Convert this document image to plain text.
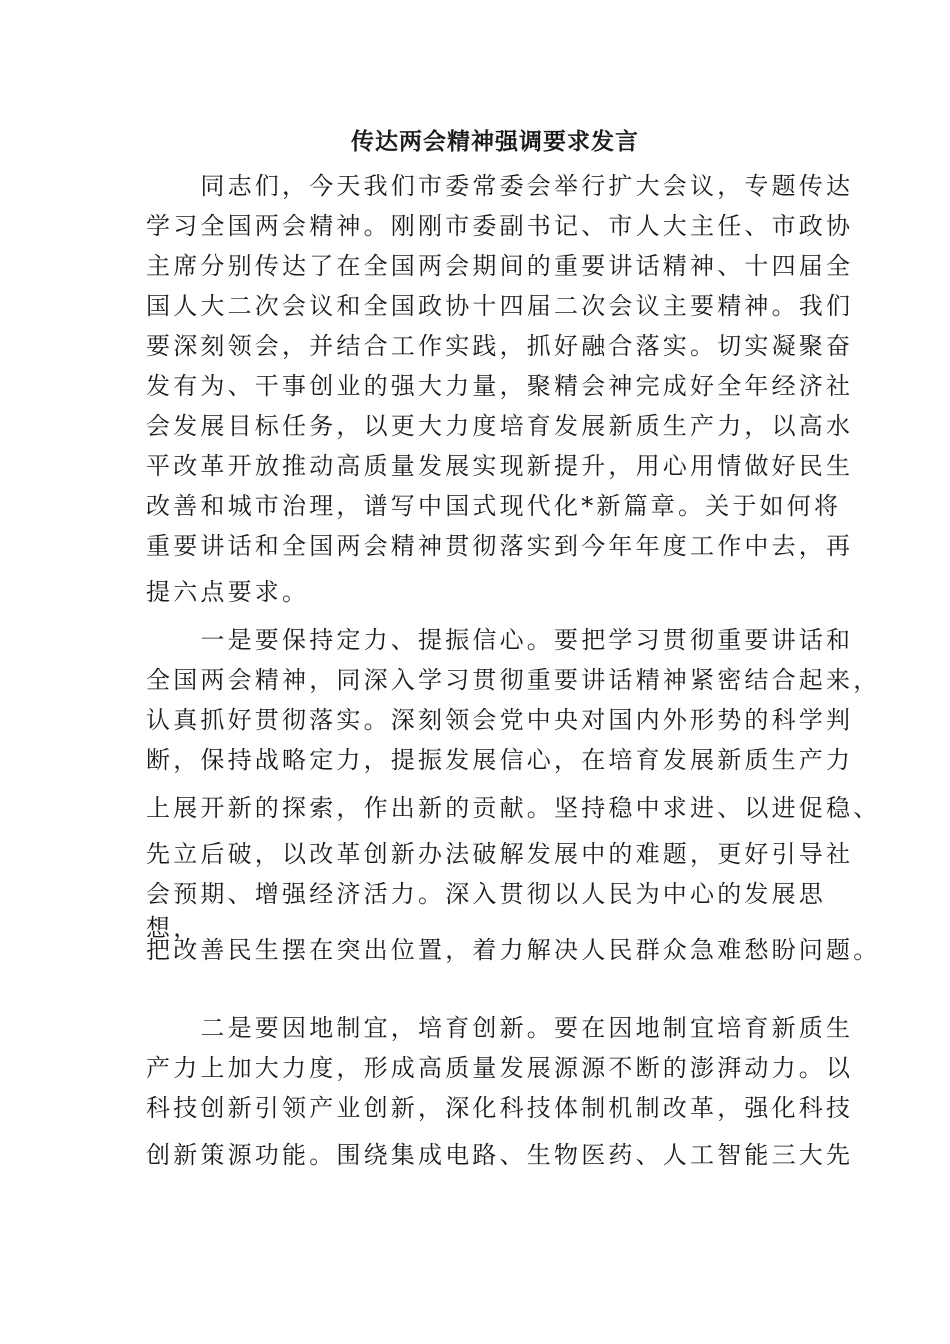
传达两会精神强调要求发言
　　同志们，今天我们市委常委会举行扩大会议，专题传达
学习全国两会精神。刚刚市委副书记、市人大主任、市政协
主席分别传达了在全国两会期间的重要讲话精神、十四届全
国人大二次会议和全国政协十四届二次会议主要精神。我们
要深刻领会，并结合工作实践，抓好融合落实。切实凝聚奋
发有为、干事创业的强大力量，聚精会神完成好全年经济社
会发展目标任务，以更大力度培育发展新质生产力，以高水
平改革开放推动高质量发展实现新提升，用心用情做好民生
改善和城市治理，谱写中国式现代化*新篇章。关于如何将
重要讲话和全国两会精神贯彻落实到今年年度工作中去，再
提六点要求。
　　一是要保持定力、提振信心。要把学习贯彻重要讲话和
全国两会精神，同深入学习贯彻重要讲话精神紧密结合起来，
认真抓好贯彻落实。深刻领会党中央对国内外形势的科学判
断，保持战略定力，提振发展信心，在培育发展新质生产力
上展开新的探索，作出新的贡献。坚持稳中求进、以进促稳、
先立后破，以改革创新办法破解发展中的难题，更好引导社
会预期、增强经济活力。深入贯彻以人民为中心的发展思
想，
把改善民生摆在突出位置，着力解决人民群众急难愁盼问题。
　　二是要因地制宜，培育创新。要在因地制宜培育新质生
产力上加大力度，形成高质量发展源源不断的澎湃动力。以
科技创新引领产业创新，深化科技体制机制改革，强化科技
创新策源功能。围绕集成电路、生物医药、人工智能三大先
